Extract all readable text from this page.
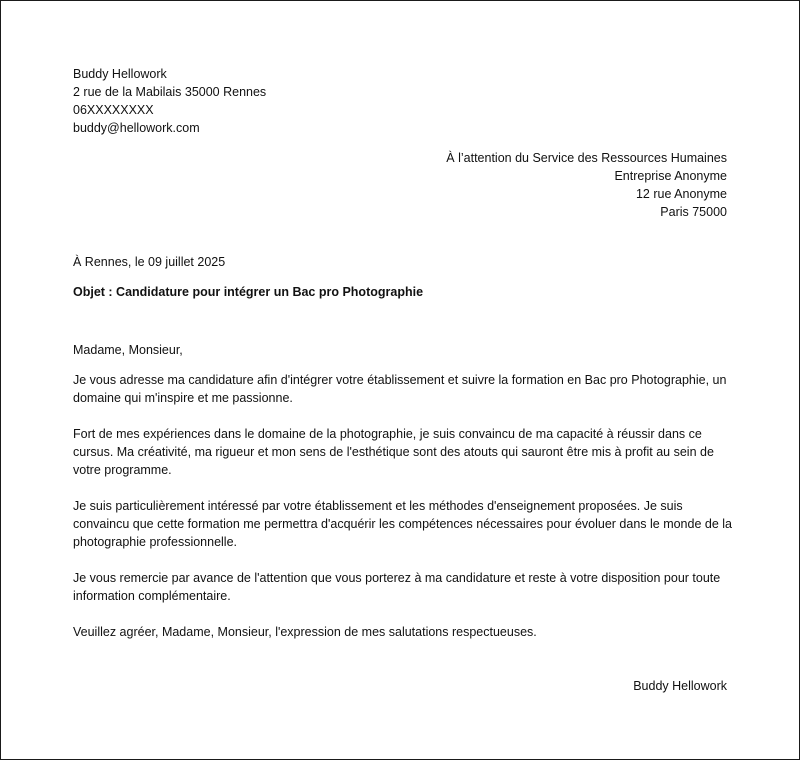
Buddy Hellowork
2 rue de la Mabilais 35000 Rennes
06XXXXXXXX
buddy@hellowork.com
À l’attention du Service des Ressources Humaines
Entreprise Anonyme
12 rue Anonyme
Paris 75000
À Rennes, le 09 juillet 2025
Objet : Candidature pour intégrer un Bac pro Photographie

Madame, Monsieur,

Je vous adresse ma candidature afin d'intégrer votre établissement et suivre la formation en Bac pro Photographie, un domaine qui m'inspire et me passionne.

Fort de mes expériences dans le domaine de la photographie, je suis convaincu de ma capacité à réussir dans ce cursus. Ma créativité, ma rigueur et mon sens de l'esthétique sont des atouts qui sauront être mis à profit au sein de votre programme.

Je suis particulièrement intéressé par votre établissement et les méthodes d'enseignement proposées. Je suis convaincu que cette formation me permettra d'acquérir les compétences nécessaires pour évoluer dans le monde de la photographie professionnelle.

Je vous remercie par avance de l'attention que vous porterez à ma candidature et reste à votre disposition pour toute information complémentaire.

Veuillez agréer, Madame, Monsieur, l'expression de mes salutations respectueuses.

Buddy Hellowork
